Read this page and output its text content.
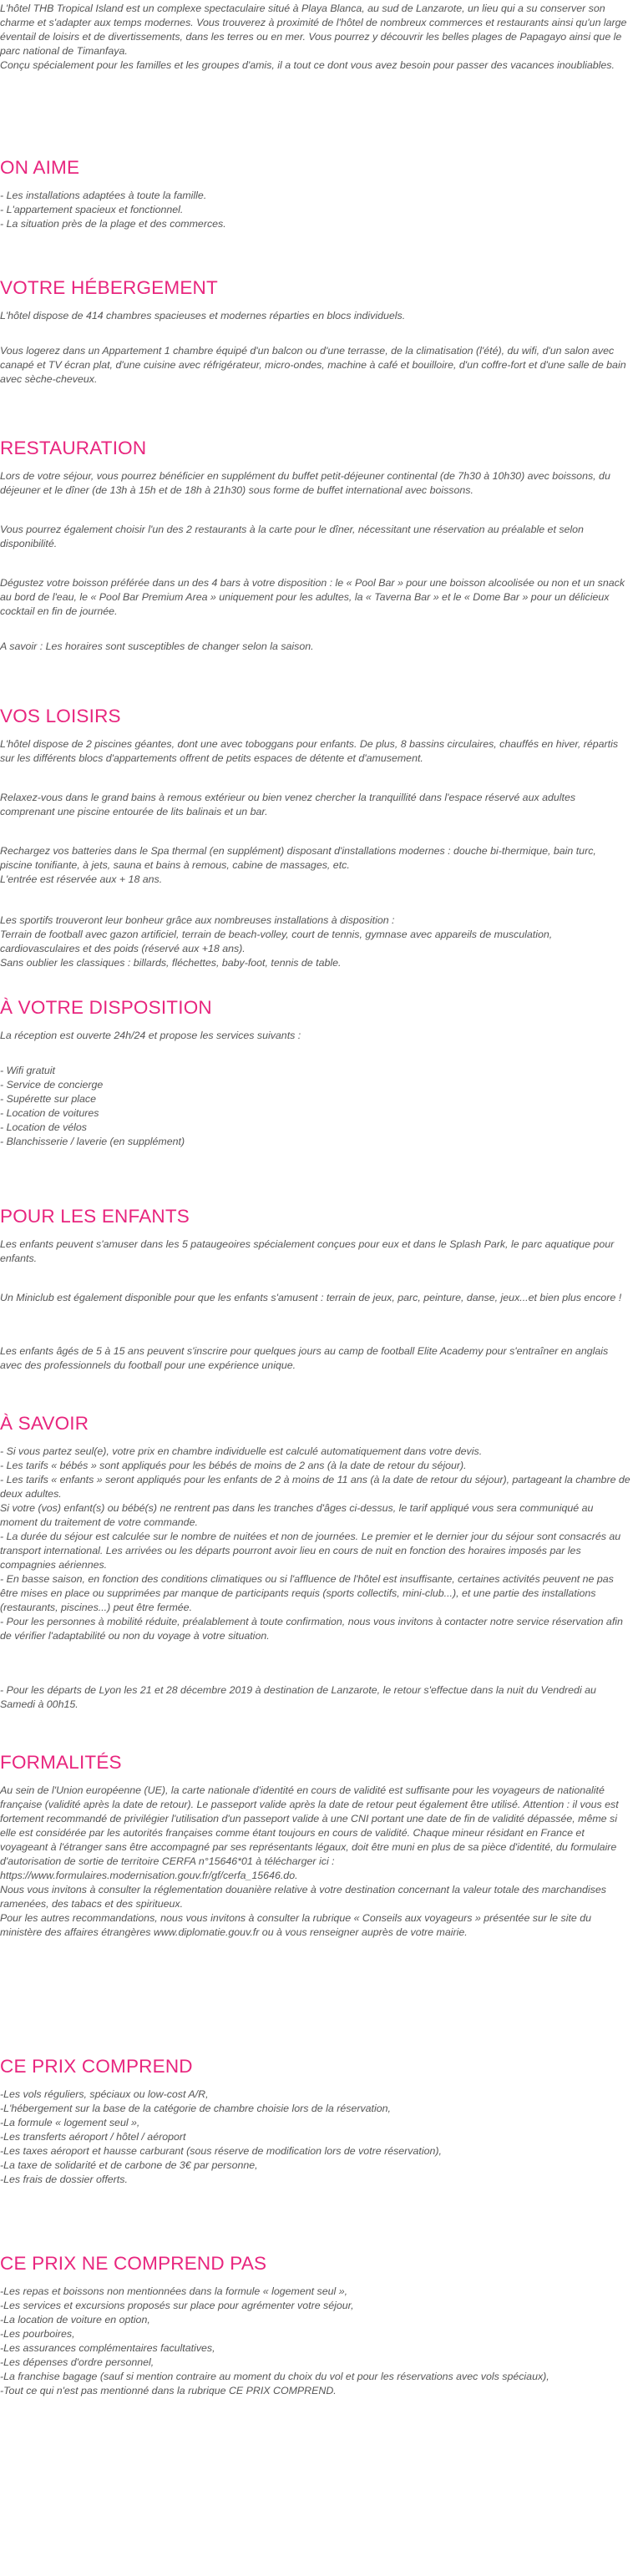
L'hôtel THB Tropical Island est un complexe spectaculaire situé à Playa Blanca, au sud de Lanzarote, un lieu qui a su conserver son charme et s'adapter aux temps modernes. Vous trouverez à proximité de l'hôtel de nombreux commerces et restaurants ainsi qu'un large éventail de loisirs et de divertissements, dans les terres ou en mer. Vous pourrez y découvrir les belles plages de Papagayo ainsi que le parc national de Timanfaya.
Conçu spécialement pour les familles et les groupes d'amis, il a tout ce dont vous avez besoin pour passer des vacances inoubliables.

ON AIME

- Les installations adaptées à toute la famille.
- L'appartement spacieux et fonctionnel.
- La situation près de la plage et des commerces.

VOTRE HÉBERGEMENT

L'hôtel dispose de 414 chambres spacieuses et modernes réparties en blocs individuels.

Vous logerez dans un Appartement 1 chambre équipé d'un balcon ou d'une terrasse, de la climatisation (l'été), du wifi, d'un salon avec canapé et TV écran plat, d'une cuisine avec réfrigérateur, micro-ondes, machine à café et bouilloire, d'un coffre-fort et d'une salle de bain avec sèche-cheveux.

RESTAURATION

Lors de votre séjour, vous pourrez bénéficier en supplément du buffet petit-déjeuner continental (de 7h30 à 10h30) avec boissons, du déjeuner et le dîner (de 13h à 15h et de 18h à 21h30) sous forme de buffet international avec boissons.

Vous pourrez également choisir l'un des 2 restaurants à la carte pour le dîner, nécessitant une réservation au préalable et selon disponibilité.

Dégustez votre boisson préférée dans un des 4 bars à votre disposition : le « Pool Bar » pour une boisson alcoolisée ou non et un snack au bord de l'eau, le « Pool Bar Premium Area » uniquement pour les adultes, la « Taverna Bar » et le « Dome Bar » pour un délicieux cocktail en fin de journée.

A savoir : Les horaires sont susceptibles de changer selon la saison.

VOS LOISIRS

L'hôtel dispose de 2 piscines géantes, dont une avec toboggans pour enfants. De plus, 8 bassins circulaires, chauffés en hiver, répartis sur les différents blocs d'appartements offrent de petits espaces de détente et d'amusement.

Relaxez-vous dans le grand bains à remous extérieur ou bien venez chercher la tranquillité dans l'espace réservé aux adultes comprenant une piscine entourée de lits balinais et un bar.

Rechargez vos batteries dans le Spa thermal (en supplément) disposant d'installations modernes : douche bi-thermique, bain turc, piscine tonifiante, à jets, sauna et bains à remous, cabine de massages, etc.
L'entrée est réservée aux + 18 ans.

Les sportifs trouveront leur bonheur grâce aux nombreuses installations à disposition :
Terrain de football avec gazon artificiel, terrain de beach-volley, court de tennis, gymnase avec appareils de musculation, cardiovasculaires et des poids (réservé aux +18 ans).
Sans oublier les classiques : billards, fléchettes, baby-foot, tennis de table.

À VOTRE DISPOSITION

La réception est ouverte 24h/24 et propose les services suivants :

- Wifi gratuit
- Service de concierge
- Supérette sur place
- Location de voitures
- Location de vélos
- Blanchisserie / laverie (en supplément)

POUR LES ENFANTS

Les enfants peuvent s'amuser dans les 5 pataugeoires spécialement conçues pour eux et dans le Splash Park, le parc aquatique pour enfants.

Un Miniclub est également disponible pour que les enfants s'amusent : terrain de jeux, parc, peinture, danse, jeux...et bien plus encore !

Les enfants âgés de 5 à 15 ans peuvent s'inscrire pour quelques jours au camp de football Elite Academy pour s'entraîner en anglais avec des professionnels du football pour une expérience unique.

À SAVOIR

- Si vous partez seul(e), votre prix en chambre individuelle est calculé automatiquement dans votre devis.
- Les tarifs « bébés » sont appliqués pour les bébés de moins de 2 ans (à la date de retour du séjour).
- Les tarifs « enfants » seront appliqués pour les enfants de 2 à moins de 11 ans (à la date de retour du séjour), partageant la chambre de deux adultes.
Si votre (vos) enfant(s) ou bébé(s) ne rentrent pas dans les tranches d'âges ci-dessus, le tarif appliqué vous sera communiqué au moment du traitement de votre commande.
- La durée du séjour est calculée sur le nombre de nuitées et non de journées. Le premier et le dernier jour du séjour sont consacrés au transport international. Les arrivées ou les départs pourront avoir lieu en cours de nuit en fonction des horaires imposés par les compagnies aériennes.
- En basse saison, en fonction des conditions climatiques ou si l'affluence de l'hôtel est insuffisante, certaines activités peuvent ne pas être mises en place ou supprimées par manque de participants requis (sports collectifs, mini-club...), et une partie des installations (restaurants, piscines...) peut être fermée.
- Pour les personnes à mobilité réduite, préalablement à toute confirmation, nous vous invitons à contacter notre service réservation afin de vérifier l'adaptabilité ou non du voyage à votre situation.

- Pour les départs de Lyon les 21 et 28 décembre 2019 à destination de Lanzarote, le retour s'effectue dans la nuit du Vendredi au Samedi à 00h15.

FORMALITÉS

Au sein de l'Union européenne (UE), la carte nationale d'identité en cours de validité est suffisante pour les voyageurs de nationalité française (validité après la date de retour). Le passeport valide après la date de retour peut également être utilisé. Attention : il vous est fortement recommandé de privilégier l'utilisation d'un passeport valide à une CNI portant une date de fin de validité dépassée, même si elle est considérée par les autorités françaises comme étant toujours en cours de validité. Chaque mineur résidant en France et voyageant à l'étranger sans être accompagné par ses représentants légaux, doit être muni en plus de sa pièce d'identité, du formulaire d'autorisation de sortie de territoire CERFA n°15646*01 à télécharger ici :
https://www.formulaires.modernisation.gouv.fr/gf/cerfa_15646.do.
Nous vous invitons à consulter la réglementation douanière relative à votre destination concernant la valeur totale des marchandises ramenées, des tabacs et des spiritueux.
Pour les autres recommandations, nous vous invitons à consulter la rubrique « Conseils aux voyageurs » présentée sur le site du ministère des affaires étrangères www.diplomatie.gouv.fr ou à vous renseigner auprès de votre mairie.

CE PRIX COMPREND

-Les vols réguliers, spéciaux ou low-cost A/R,
-L'hébergement sur la base de la catégorie de chambre choisie lors de la réservation,
-La formule « logement seul »,
-Les transferts aéroport / hôtel / aéroport
-Les taxes aéroport et hausse carburant (sous réserve de modification lors de votre réservation),
-La taxe de solidarité et de carbone de 3€ par personne,
-Les frais de dossier offerts.

CE PRIX NE COMPREND PAS

-Les repas et boissons non mentionnées dans la formule « logement seul »,
-Les services et excursions proposés sur place pour agrémenter votre séjour,
-La location de voiture en option,
-Les pourboires,
-Les assurances complémentaires facultatives,
-Les dépenses d'ordre personnel,
-La franchise bagage (sauf si mention contraire au moment du choix du vol et pour les réservations avec vols spéciaux),
-Tout ce qui n'est pas mentionné dans la rubrique CE PRIX COMPREND.
